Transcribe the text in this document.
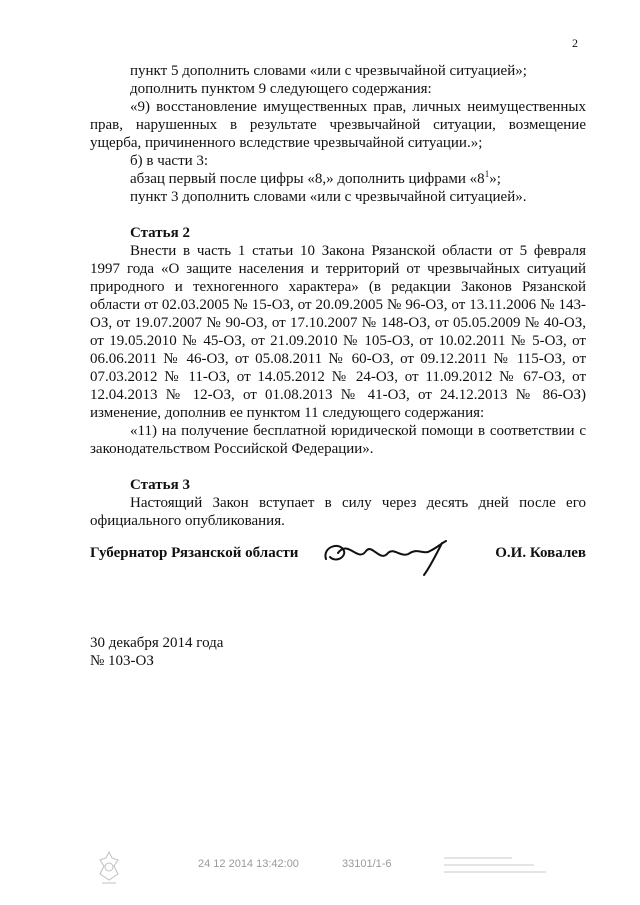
2

пункт 5 дополнить словами «или с чрезвычайной ситуацией»;

дополнить пунктом 9 следующего содержания:

«9) восстановление имущественных прав, личных неимущественных прав, нарушенных в результате чрезвычайной ситуации, возмещение ущерба, причиненного вследствие чрезвычайной ситуации.»;

б) в части 3:

абзац первый после цифры «8,» дополнить цифрами «$8^1$»;

пункт 3 дополнить словами «или с чрезвычайной ситуацией».

Статья 2

Внести в часть 1 статьи 10 Закона Рязанской области от 5 февраля 1997 года «О защите населения и территорий от чрезвычайных ситуаций природного и техногенного характера» (в редакции Законов Рязанской области от 02.03.2005 № 15-ОЗ, от 20.09.2005 № 96-ОЗ, от 13.11.2006 № 143-ОЗ, от 19.07.2007 № 90-ОЗ, от 17.10.2007 № 148-ОЗ, от 05.05.2009 № 40-ОЗ, от 19.05.2010 № 45-ОЗ, от 21.09.2010 № 105-ОЗ, от 10.02.2011 № 5-ОЗ, от 06.06.2011 № 46-ОЗ, от 05.08.2011 № 60-ОЗ, от 09.12.2011 № 115-ОЗ, от 07.03.2012 № 11-ОЗ, от 14.05.2012 № 24-ОЗ, от 11.09.2012 № 67-ОЗ, от 12.04.2013 № 12-ОЗ, от 01.08.2013 № 41-ОЗ, от 24.12.2013 № 86-ОЗ) изменение, дополнив ее пунктом 11 следующего содержания:

«11) на получение бесплатной юридической помощи в соответствии с законодательством Российской Федерации».

Статья 3

Настоящий Закон вступает в силу через десять дней после его официального опубликования.

Губернатор Рязанской области	О.И. Ковалев
30 декабря 2014 года
№ 103-ОЗ
24 12 2014 13:42:00	33101/1-6
